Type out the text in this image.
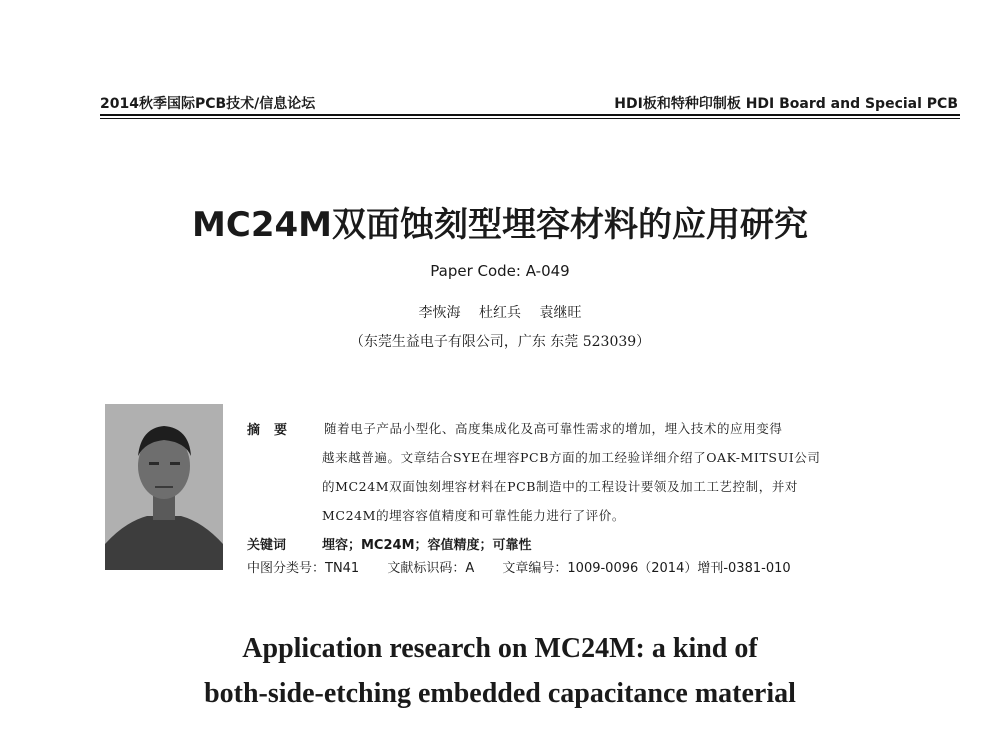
2014秋季国际PCB技术/信息论坛	HDI板和特种印制板 HDI Board and Special PCB
MC24M双面蚀刻型埋容材料的应用研究
Paper Code: A-049
李恢海 杜红兵 袁继旺
（东莞生益电子有限公司，广东 东莞 523039）
摘要 随着电子产品小型化、高度集成化及高可靠性需求的增加，埋入技术的应用变得
越来越普遍。文章结合SYE在埋容PCB方面的加工经验详细介绍了OAK-MITSUI公司
的MC24M双面蚀刻埋容材料在PCB制造中的工程设计要领及加工工艺控制，并对
MC24M的埋容容值精度和可靠性能力进行了评价。
关键词	埋容；MC24M；容值精度；可靠性
中图分类号：TN41 文献标识码：A 文章编号：1009-0096（2014）增刊-0381-010
Application research on MC24M: a kind of
both-side-etching embedded capacitance material
